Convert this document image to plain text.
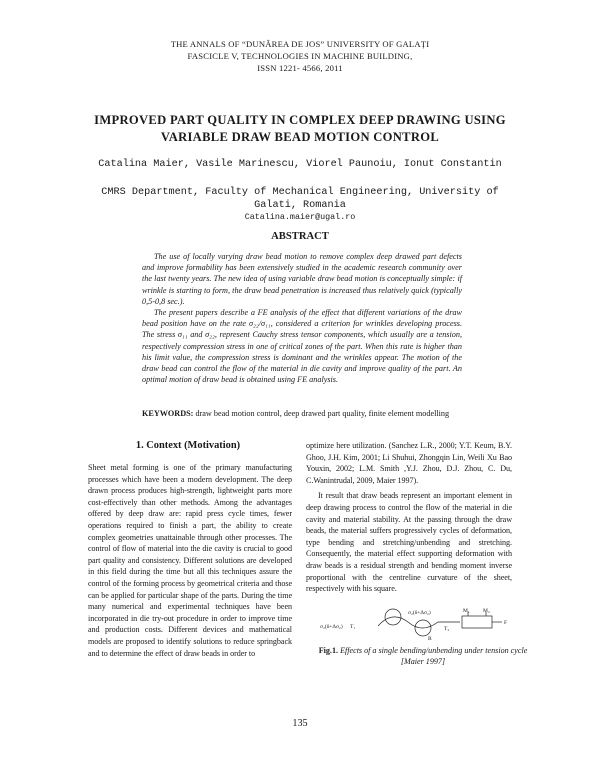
THE ANNALS OF “DUNĂREA DE JOS” UNIVERSITY OF GALAȚI
FASCICLE V, TECHNOLOGIES IN MACHINE BUILDING,
ISSN 1221- 4566, 2011
IMPROVED PART QUALITY IN COMPLEX DEEP DRAWING USING
VARIABLE DRAW BEAD MOTION CONTROL
Catalina Maier, Vasile Marinescu, Viorel Paunoiu, Ionut Constantin
CMRS Department, Faculty of Mechanical Engineering, University of Galati, Romania
Catalina.maier@ugal.ro
ABSTRACT

The use of locally varying draw bead motion to remove complex deep drawed part defects and improve formability has been extensively studied in the academic research community over the last twenty years. The new idea of using variable draw bead motion is conceptually simple: if wrinkle is starting to form, the draw bead penetration is increased thus relatively quick (typically 0,5-0,8 sec.).

The present papers describe a FE analysis of the effect that different variations of the draw bead position have on the rate σ₂₂/σ₁₁, considered a criterion for wrinkles developing process. The stress σ₁₁ and σ₂₂, represent Cauchy stress tensor components, which usually are a tension, respectively compression stress in one of critical zones of the part. When this rate is higher than his limit value, the compression stress is dominant and the wrinkles appear. The motion of the draw bead can control the flow of the material in die cavity and improve quality of the part. An optimal motion of draw bead is obtained using FE analysis.

KEYWORDS: draw bead motion control, deep drawed part quality, finite element modelling
1. Context (Motivation)

Sheet metal forming is one of the primary manufacturing processes which have been a modern development. The deep drawn process produces high-strength, lightweight parts more cost-effectively than other methods. Among the advantages offered by deep draw are: rapid press cycle times, fewer operations required to finish a part, the ability to create complex geometries unattainable through other processes. The control of flow of material into the die cavity is crucial to good part quality and consistency. Different solutions are developed in this field during the time but all this techniques assure the control of the forming process by geometrical criteria and those can be applied for particular shape of the parts. During the time many numerical and experimental techniques have been incorporated in die try-out procedure in order to improve time and production costs. Different devices and mathematical models are proposed to identify solutions to reduce springback and to determine the effect of draw beads in order to

optimize here utilization. (Sanchez L.R., 2000; Y.T. Keum, B.Y. Ghoo, J.H. Kim, 2001; Li Shuhui, Zhongqin Lin, Weili Xu Bao Youxin, 2002; L.M. Smith ,Y.J. Zhou, D.J. Zhou, C. Du, C.Wanintrudal, 2009, Maier 1997).

It result that draw beads represent an important element in deep drawing process to control the flow of the material in die cavity and material stability. At the passing through the draw beads, the material suffers progressively cycles of deformation, type bending and stretching/unbending and stretching. Consequently, the material effect supporting deformation with draw beads is a residual strength and bending moment inverse proportional with the centreline curvature of the sheet, respectively with his square.

σ₂(δ+Δσ₂) T₁
σ₂(δ+Δσ₂)
T₂
M₁ M₂
R
F
Fig.1. Effects of a single bending/unbending under tension cycle [Maier 1997]
135
